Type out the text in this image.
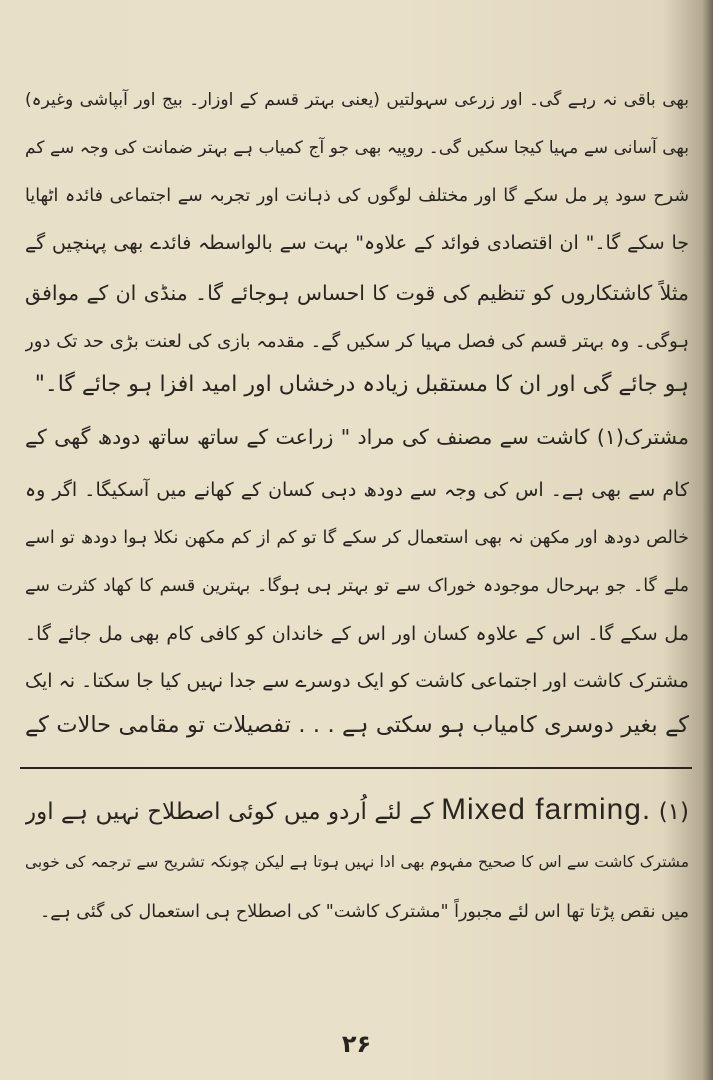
بھی باقی نہ رہے گی۔ اور زرعی سہولتیں (یعنی بہتر قسم کے اوزار۔ بیج اور آبپاشی وغیرہ)
بھی آسانی سے مہیا کیجا سکیں گی۔ روپیہ بھی جو آج کمیاب ہے بہتر ضمانت کی وجہ سے کم
شرح سود پر مل سکے گا اور مختلف لوگوں کی ذہانت اور تجربہ سے اجتماعی فائدہ اٹھایا
جا سکے گا۔" ان اقتصادی فوائد کے علاوہ" بہت سے بالواسطہ فائدے بھی پہنچیں گے
مثلاً کاشتکاروں کو تنظیم کی قوت کا احساس ہوجائے گا۔ منڈی ان کے موافق
ہوگی۔ وہ بہتر قسم کی فصل مہیا کر سکیں گے۔ مقدمہ بازی کی لعنت بڑی حد تک دور
ہو جائے گی اور ان کا مستقبل زیادہ درخشاں اور امید افزا ہو جائے گا۔"
مشترک(۱) کاشت سے مصنف کی مراد " زراعت کے ساتھ ساتھ دودھ گھی کے
کام سے بھی ہے۔ اس کی وجہ سے دودھ دہی کسان کے کھانے میں آسکیگا۔ اگر وہ
خالص دودھ اور مکھن نہ بھی استعمال کر سکے گا تو کم از کم مکھن نکلا ہوا دودھ تو اسے
ملے گا۔ جو بہرحال موجودہ خوراک سے تو بہتر ہی ہوگا۔ بہترین قسم کا کھاد کثرت سے
مل سکے گا۔ اس کے علاوہ کسان اور اس کے خاندان کو کافی کام بھی مل جائے گا۔
مشترک کاشت اور اجتماعی کاشت کو ایک دوسرے سے جدا نہیں کیا جا سکتا۔ نہ ایک
کے بغیر دوسری کامیاب ہو سکتی ہے . . . تفصیلات تو مقامی حالات کے
(۱) Mixed farming. کے لئے اُردو میں کوئی اصطلاح نہیں ہے اور
مشترک کاشت سے اس کا صحیح مفہوم بھی ادا نہیں ہوتا ہے لیکن چونکہ تشریح سے ترجمہ کی خوبی
میں نقص پڑتا تھا اس لئے مجبوراً "مشترک کاشت" کی اصطلاح ہی استعمال کی گئی ہے۔
۲۶
